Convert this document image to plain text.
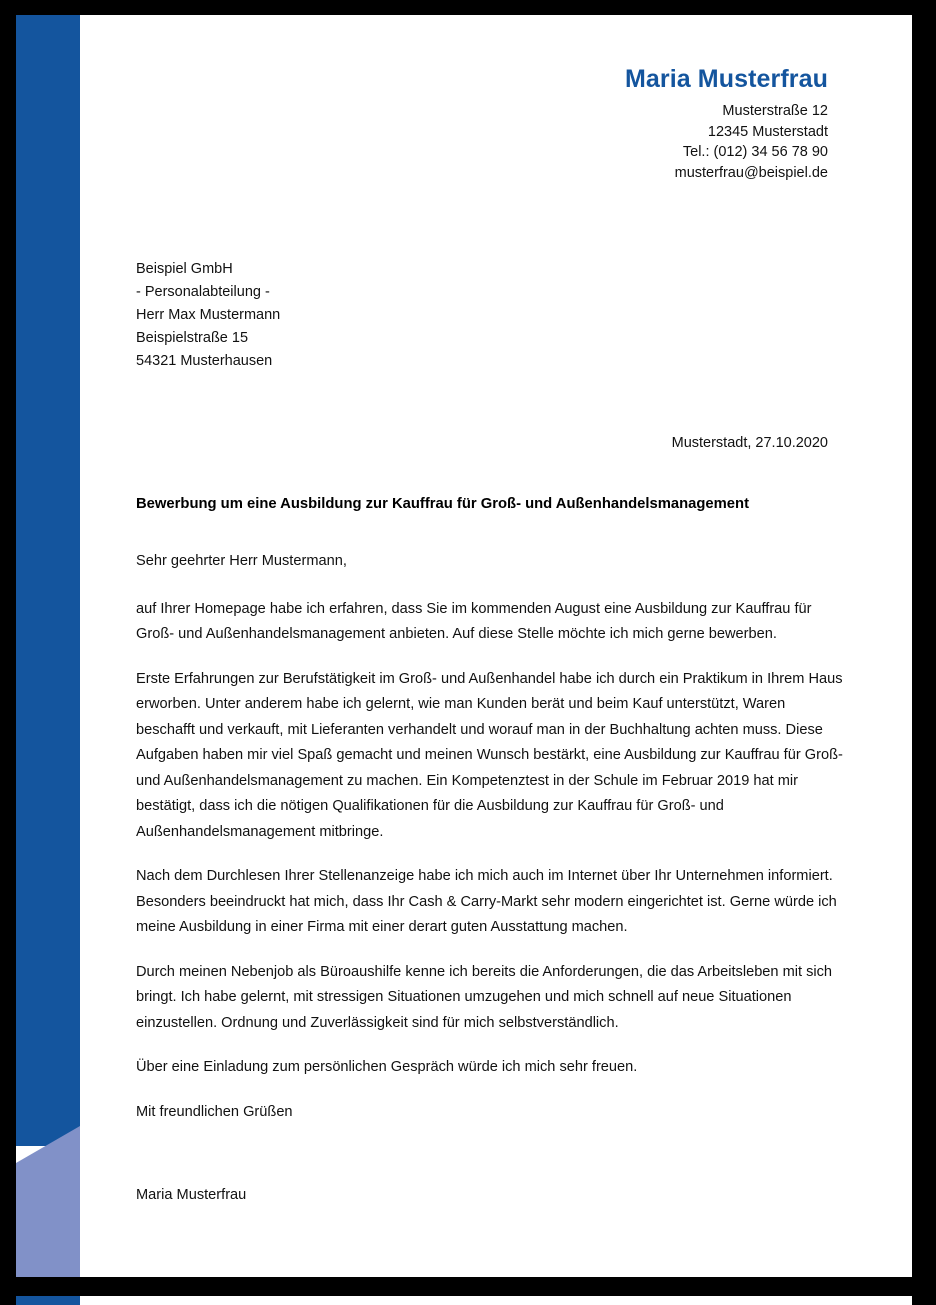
Maria Musterfrau
Musterstraße 12
12345 Musterstadt
Tel.: (012) 34 56 78 90
musterfrau@beispiel.de
Beispiel GmbH
- Personalabteilung -
Herr Max Mustermann
Beispielstraße 15
54321 Musterhausen
Musterstadt, 27.10.2020
Bewerbung um eine Ausbildung zur Kauffrau für Groß- und Außenhandelsmanagement

Sehr geehrter Herr Mustermann,

auf Ihrer Homepage habe ich erfahren, dass Sie im kommenden August eine Ausbildung zur Kauffrau für Groß- und Außenhandelsmanagement anbieten. Auf diese Stelle möchte ich mich gerne bewerben.

Erste Erfahrungen zur Berufstätigkeit im Groß- und Außenhandel habe ich durch ein Praktikum in Ihrem Haus erworben. Unter anderem habe ich gelernt, wie man Kunden berät und beim Kauf unterstützt, Waren beschafft und verkauft, mit Lieferanten verhandelt und worauf man in der Buchhaltung achten muss. Diese Aufgaben haben mir viel Spaß gemacht und meinen Wunsch bestärkt, eine Ausbildung zur Kauffrau für Groß- und Außenhandelsmanagement zu machen. Ein Kompetenztest in der Schule im Februar 2019 hat mir bestätigt, dass ich die nötigen Qualifikationen für die Ausbildung zur Kauffrau für Groß- und Außenhandelsmanagement mitbringe.

Nach dem Durchlesen Ihrer Stellenanzeige habe ich mich auch im Internet über Ihr Unternehmen informiert. Besonders beeindruckt hat mich, dass Ihr Cash & Carry-Markt sehr modern eingerichtet ist. Gerne würde ich meine Ausbildung in einer Firma mit einer derart guten Ausstattung machen.

Durch meinen Nebenjob als Büroaushilfe kenne ich bereits die Anforderungen, die das Arbeitsleben mit sich bringt. Ich habe gelernt, mit stressigen Situationen umzugehen und mich schnell auf neue Situationen einzustellen. Ordnung und Zuverlässigkeit sind für mich selbstverständlich.

Über eine Einladung zum persönlichen Gespräch würde ich mich sehr freuen.

Mit freundlichen Grüßen

Maria Musterfrau
